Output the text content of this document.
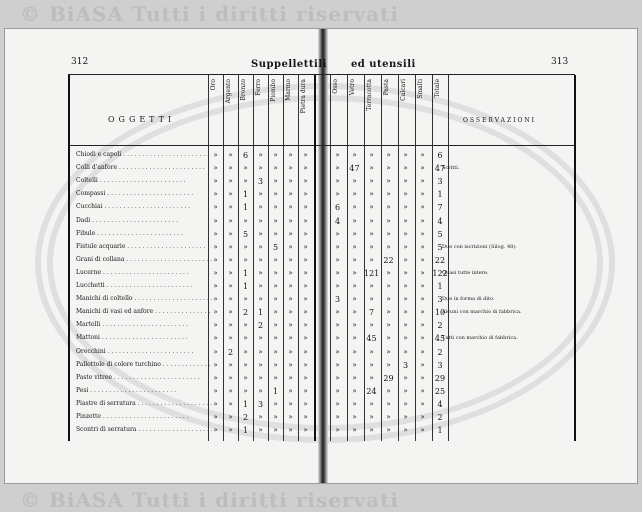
© BiASA Tutti i diritti riservati
312	313
Suppellettili ed utensili
OGGETTI	OSSERVAZIONI
Oro	Argento	Bronzo	Ferro	Piombo	Marmo	Pietra dura	Osso	Vetro	Terracotta	Pasta	Calcari	Smalti	Totale
Chiodi e capoli . . .	»	»	6	»	»	»	»	»	»	»	»	»	»	6
Colli d'anfore . . .	»	»	»	»	»	»	»	»	47	»	»	»	»	47
Scritti.
Coltelli . . .	»	»	»	3	»	»	»	»	»	»	»	»	»	3
Compassi . . .	»	»	1	»	»	»	»	»	»	»	»	»	»	1
Cucchiai . . .	»	»	1	»	»	»	»	6	»	»	»	»	»	7
Dadi . . .	»	»	»	»	»	»	»	4	»	»	»	»	»	4
Fibule . . .	»	»	5	»	»	»	»	»	»	»	»	»	»	5
Fistule acquarie . . .	»	»	»	»	5	»	»	»	»	»	»	»	»	5 Due con iscrizioni (Silog. 48).
Grani di collana . . .	»	»	»	»	»	»	»	»	»	»	22	»	»	22
Lucerne . . .	»	»	1	»	»	»	»	»	» 121	»	»	» 122
Quasi tutte intere.
Lucchetti . . .	»	»	1	»	»	»	»	»	»	»	»	»	»	1
Manichi di coltello . . .	»	»	»	»	»	»	»	3	»	»	»	»	»	3 Due in forma di dito.
Manichi di vasi ed anfore . . .	»	»	2	1	»	»	»	»	»	7	»	»	»	10
Alcuni con marchio di fabbrica.
Martelli . . .	»	»	»	2	»	»	»	»	»	»	»	»	»	2
Mattoni . . .	»	»	»	»	»	»	»	»	»	45	»	»	»	45
Tutti con marchio di fabbrica.
Orecchini . . .	»	2	»	»	»	»	»	»	»	»	»	»	»	2
Pallottole di colore turchino . . .	»	»	»	»	»	»	»	»	»	»	»	3	»	3
Paste vitree . . .	»	»	»	»	»	»	»	»	»	»	29	»	»	29
Pesi . . .	»	»	»	»	1	»	»	»	»	24	»	»	»	25
Piastre di serratura . . .	»	»	1	3	»	»	»	»	»	»	»	»	»	4
Pinzette . . .	»	»	2	»	»	»	»	»	»	»	»	»	»	2
Scontri di serratura . . .	»	»	1	»	»	»	»	»	»	»	»	»	»	1
© BiASA Tutti i diritti riservati
